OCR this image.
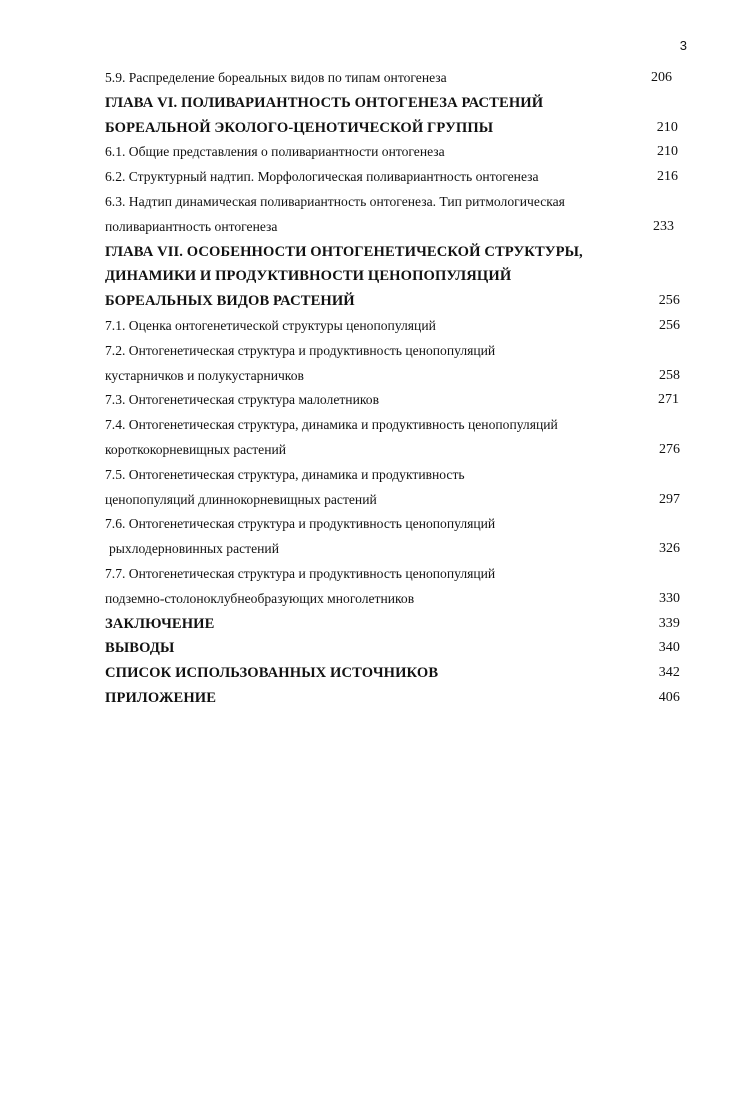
3
5.9. Распределение бореальных видов по типам онтогенеза	206
ГЛАВА VI. ПОЛИВАРИАНТНОСТЬ ОНТОГЕНЕЗА РАСТЕНИЙ
БОРЕАЛЬНОЙ ЭКОЛОГО-ЦЕНОТИЧЕСКОЙ ГРУППЫ	210
6.1. Общие представления о поливариантности онтогенеза	210
6.2. Структурный надтип. Морфологическая поливариантность онтогенеза	216
6.3. Надтип динамическая поливариантность онтогенеза. Тип ритмологическая
поливариантность онтогенеза	233
ГЛАВА VII. ОСОБЕННОСТИ ОНТОГЕНЕТИЧЕСКОЙ СТРУКТУРЫ,
ДИНАМИКИ И ПРОДУКТИВНОСТИ ЦЕНОПОПУЛЯЦИЙ
БОРЕАЛЬНЫХ ВИДОВ РАСТЕНИЙ	256
7.1. Оценка онтогенетической структуры ценопопуляций	256
7.2. Онтогенетическая структура и продуктивность ценопопуляций
кустарничков и полукустарничков	258
7.3. Онтогенетическая структура малолетников	271
7.4. Онтогенетическая структура, динамика и продуктивность ценопопуляций
короткокорневищных растений	276
7.5. Онтогенетическая структура, динамика и продуктивность
ценопопуляций длиннокорневищных растений	297
7.6. Онтогенетическая структура и продуктивность ценопопуляций
рыхлодерновинных растений	326
7.7. Онтогенетическая структура и продуктивность ценопопуляций
подземно-столоноклубнеобразующих многолетников	330
ЗАКЛЮЧЕНИЕ	339
ВЫВОДЫ	340
СПИСОК ИСПОЛЬЗОВАННЫХ ИСТОЧНИКОВ	342
ПРИЛОЖЕНИЕ	406
